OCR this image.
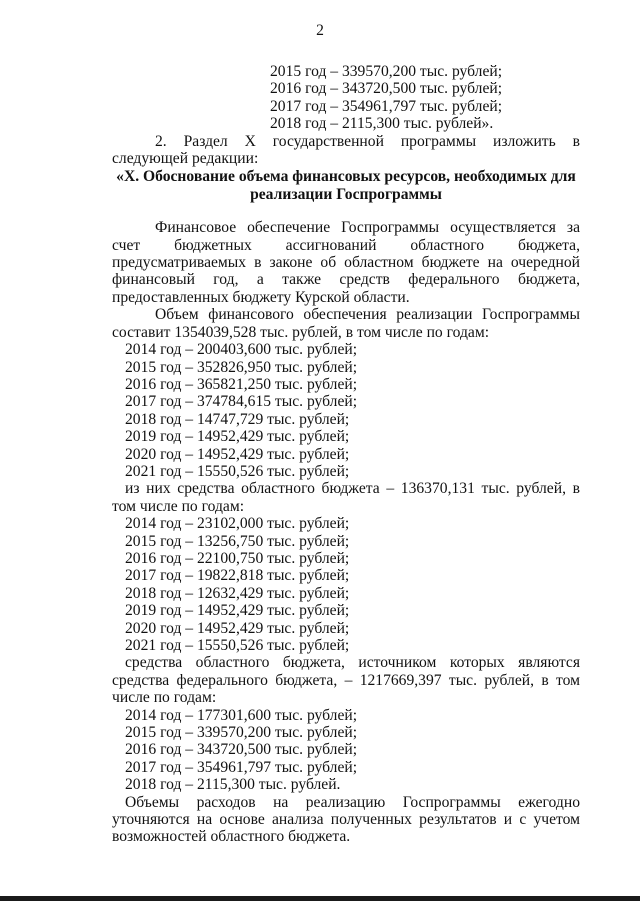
2
2015 год – 339570,200 тыс. рублей;
2016 год – 343720,500 тыс. рублей;
2017 год – 354961,797 тыс. рублей;
2018 год – 2115,300 тыс. рублей».
2. Раздел X государственной программы изложить в следующей редакции:
«X. Обоснование объема финансовых ресурсов, необходимых для реализации Госпрограммы
Финансовое обеспечение Госпрограммы осуществляется за счет бюджетных ассигнований областного бюджета, предусматриваемых в законе об областном бюджете на очередной финансовый год, а также средств федерального бюджета, предоставленных бюджету Курской области.
Объем финансового обеспечения реализации Госпрограммы составит 1354039,528 тыс. рублей, в том числе по годам:
2014 год – 200403,600 тыс. рублей;
2015 год – 352826,950 тыс. рублей;
2016 год – 365821,250 тыс. рублей;
2017 год – 374784,615 тыс. рублей;
2018 год – 14747,729 тыс. рублей;
2019 год – 14952,429 тыс. рублей;
2020 год – 14952,429 тыс. рублей;
2021 год – 15550,526 тыс. рублей;
из них средства областного бюджета – 136370,131 тыс. рублей, в том числе по годам:
2014 год – 23102,000 тыс. рублей;
2015 год – 13256,750 тыс. рублей;
2016 год – 22100,750 тыс. рублей;
2017 год – 19822,818 тыс. рублей;
2018 год – 12632,429 тыс. рублей;
2019 год – 14952,429 тыс. рублей;
2020 год – 14952,429 тыс. рублей;
2021 год – 15550,526 тыс. рублей;
средства областного бюджета, источником которых являются средства федерального бюджета, – 1217669,397 тыс. рублей, в том числе по годам:
2014 год – 177301,600 тыс. рублей;
2015 год – 339570,200 тыс. рублей;
2016 год – 343720,500 тыс. рублей;
2017 год – 354961,797 тыс. рублей;
2018 год – 2115,300 тыс. рублей.
Объемы расходов на реализацию Госпрограммы ежегодно уточняются на основе анализа полученных результатов и с учетом возможностей областного бюджета.
